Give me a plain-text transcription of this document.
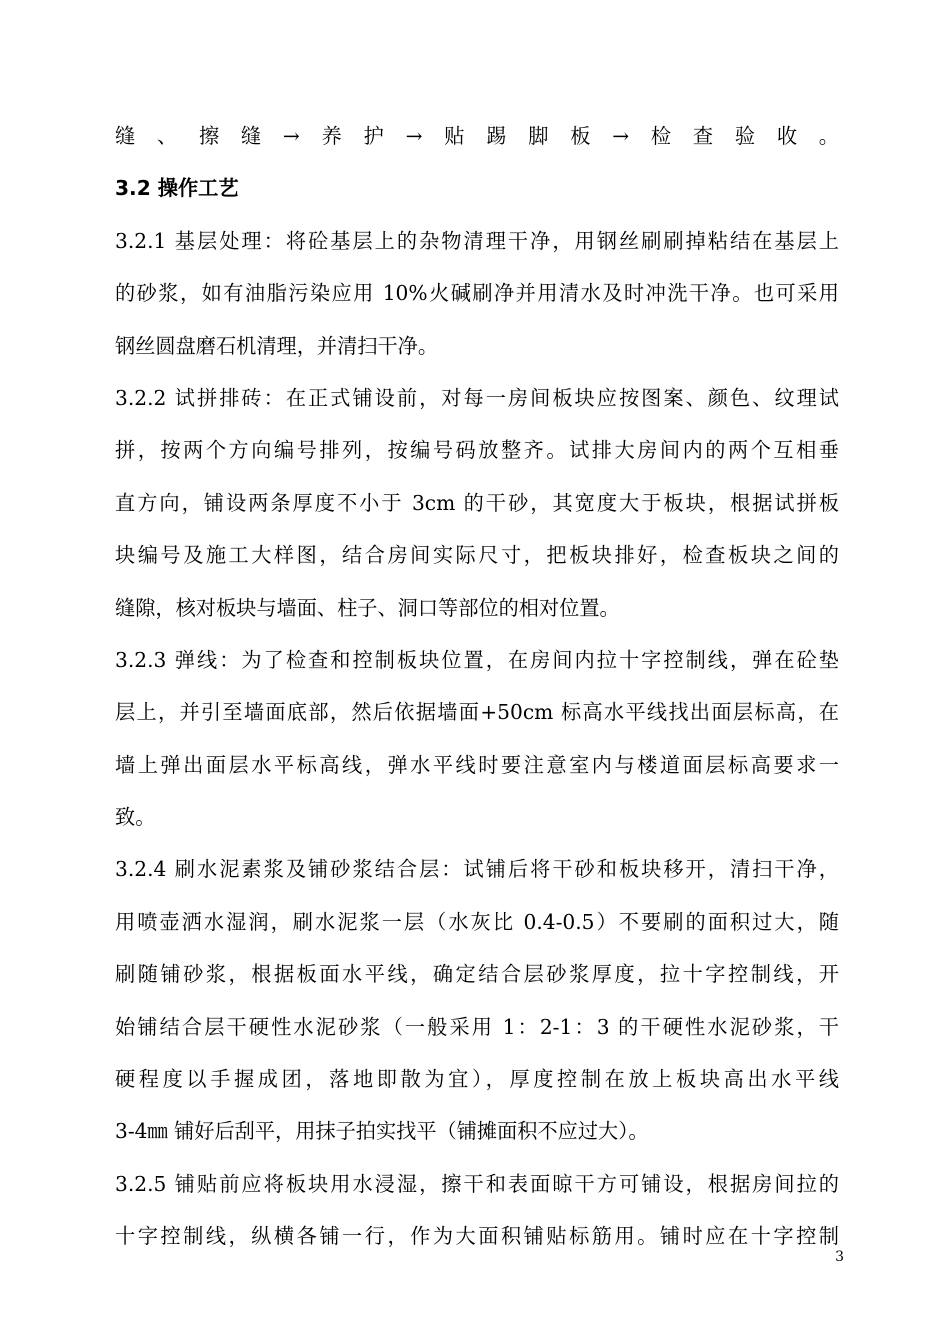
缝、擦缝→养护→贴踢脚板→检查验收。
3.2 操作工艺
3.2.1 基层处理：将砼基层上的杂物清理干净，用钢丝刷刷掉粘结在基层上
的砂浆，如有油脂污染应用 10%火碱刷净并用清水及时冲洗干净。也可采用
钢丝圆盘磨石机清理，并清扫干净。
3.2.2 试拼排砖：在正式铺设前，对每一房间板块应按图案、颜色、纹理试
拼，按两个方向编号排列，按编号码放整齐。试排大房间内的两个互相垂
直方向，铺设两条厚度不小于 3cm 的干砂，其宽度大于板块，根据试拼板
块编号及施工大样图，结合房间实际尺寸，把板块排好，检查板块之间的
缝隙，核对板块与墙面、柱子、洞口等部位的相对位置。
3.2.3 弹线：为了检查和控制板块位置，在房间内拉十字控制线，弹在砼垫
层上，并引至墙面底部，然后依据墙面+50cm 标高水平线找出面层标高，在
墙上弹出面层水平标高线，弹水平线时要注意室内与楼道面层标高要求一
致。
3.2.4 刷水泥素浆及铺砂浆结合层：试铺后将干砂和板块移开，清扫干净，
用喷壶洒水湿润，刷水泥浆一层（水灰比 0.4-0.5）不要刷的面积过大，随
刷随铺砂浆，根据板面水平线，确定结合层砂浆厚度，拉十字控制线，开
始铺结合层干硬性水泥砂浆（一般采用 1：2-1：3 的干硬性水泥砂浆，干
硬程度以手握成团，落地即散为宜），厚度控制在放上板块高出水平线
3-4㎜ 铺好后刮平，用抹子拍实找平（铺摊面积不应过大）。
3.2.5 铺贴前应将板块用水浸湿，擦干和表面晾干方可铺设，根据房间拉的
十字控制线，纵横各铺一行，作为大面积铺贴标筋用。铺时应在十字控制
3
